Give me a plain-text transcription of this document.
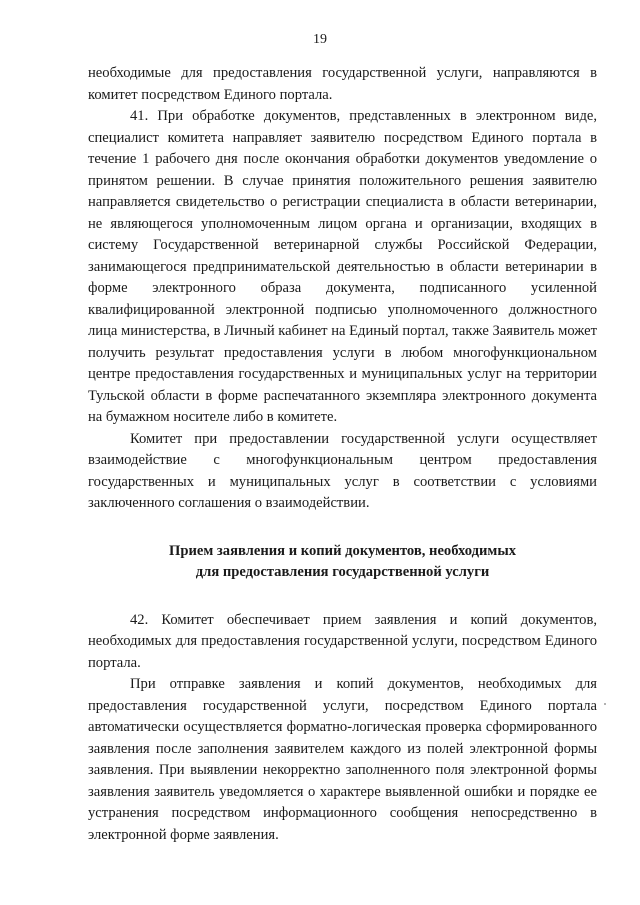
19

необходимые для предоставления государственной услуги, направляются в комитет посредством Единого портала.

41. При обработке документов, представленных в электронном виде, специалист комитета направляет заявителю посредством Единого портала в течение 1 рабочего дня после окончания обработки документов уведомление о принятом решении. В случае принятия положительного решения заявителю направляется свидетельство о регистрации специалиста в области ветеринарии, не являющегося уполномоченным лицом органа и организации, входящих в систему Государственной ветеринарной службы Российской Федерации, занимающегося предпринимательской деятельностью в области ветеринарии в форме электронного образа документа, подписанного усиленной квалифицированной электронной подписью уполномоченного должностного лица министерства, в Личный кабинет на Единый портал, также Заявитель может получить результат предоставления услуги в любом многофункциональном центре предоставления государственных и муниципальных услуг на территории Тульской области в форме распечатанного экземпляра электронного документа на бумажном носителе либо в комитете.

Комитет при предоставлении государственной услуги осуществляет взаимодействие с многофункциональным центром предоставления государственных и муниципальных услуг в соответствии с условиями заключенного соглашения о взаимодействии.

Прием заявления и копий документов, необходимых
для предоставления государственной услуги

42. Комитет обеспечивает прием заявления и копий документов, необходимых для предоставления государственной услуги, посредством Единого портала.

При отправке заявления и копий документов, необходимых для предоставления государственной услуги, посредством Единого портала автоматически осуществляется форматно-логическая проверка сформированного заявления после заполнения заявителем каждого из полей электронной формы заявления. При выявлении некорректно заполненного поля электронной формы заявления заявитель уведомляется о характере выявленной ошибки и порядке ее устранения посредством информационного сообщения непосредственно в электронной форме заявления.
